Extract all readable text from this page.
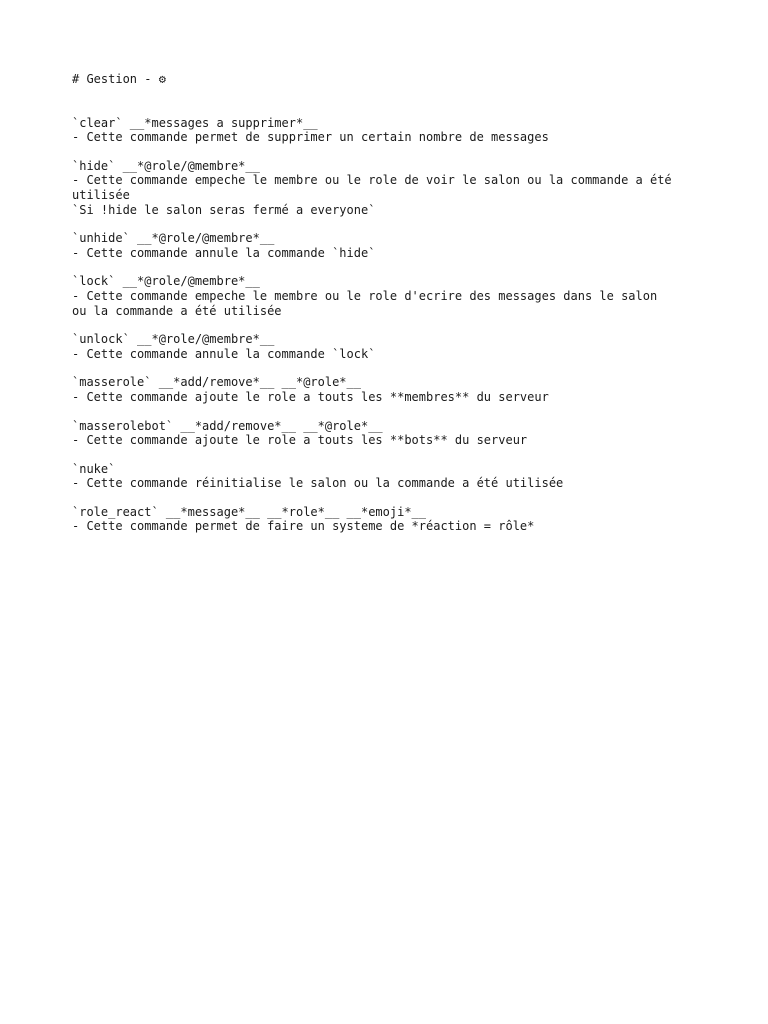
# Gestion - ⚙
`clear` __*messages a supprimer*__
- Cette commande permet de supprimer un certain nombre de messages
`hide` __*@role/@membre*__
- Cette commande empeche le membre ou le role de voir le salon ou la commande a été
utilisée
`Si !hide le salon seras fermé a everyone`
`unhide` __*@role/@membre*__
- Cette commande annule la commande `hide`
`lock` __*@role/@membre*__
- Cette commande empeche le membre ou le role d'ecrire des messages dans le salon
ou la commande a été utilisée
`unlock` __*@role/@membre*__
- Cette commande annule la commande `lock`
`masserole` __*add/remove*__ __*@role*__
- Cette commande ajoute le role a touts les **membres** du serveur
`masserolebot` __*add/remove*__ __*@role*__
- Cette commande ajoute le role a touts les **bots** du serveur
`nuke`
- Cette commande réinitialise le salon ou la commande a été utilisée
`role_react` __*message*__ __*role*__ __*emoji*__
- Cette commande permet de faire un systeme de *réaction = rôle*
